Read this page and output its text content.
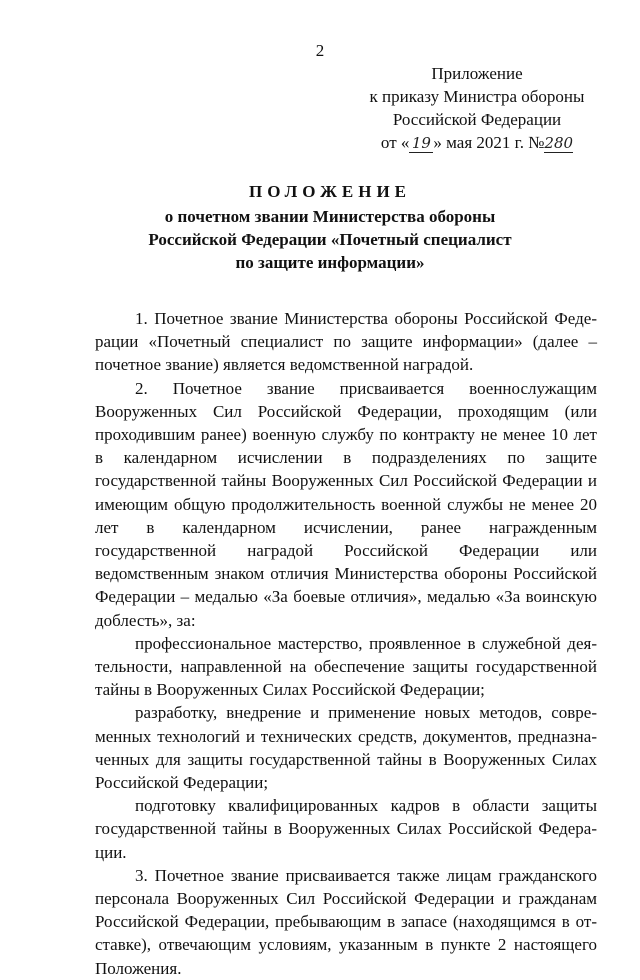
2
Приложение
к приказу Министра обороны
Российской Федерации
от « 19 » мая 2021 г. №280
ПОЛОЖЕНИЕ
о почетном звании Министерства обороны
Российской Федерации «Почетный специалист
по защите информации»

1. Почетное звание Министерства обороны Российской Федерации «Почетный специалист по защите информации» (далее – почетное звание) является ведомственной наградой.

2. Почетное звание присваивается военнослужащим Вооруженных Сил Российской Федерации, проходящим (или проходившим ранее) военную службу по контракту не менее 10 лет в календарном исчислении в подразделениях по защите государственной тайны Вооруженных Сил Российской Федерации и имеющим общую продолжительность военной службы не менее 20 лет в календарном исчислении, ранее награжденным государственной наградой Российской Федерации или ведомственным знаком отличия Министерства обороны Российской Федерации – медалью «За боевые отличия», медалью «За воинскую доблесть», за:

профессиональное мастерство, проявленное в служебной деятельности, направленной на обеспечение защиты государственной тайны в Вооруженных Силах Российской Федерации;

разработку, внедрение и применение новых методов, современных технологий и технических средств, документов, предназначенных для защиты государственной тайны в Вооруженных Силах Российской Федерации;

подготовку квалифицированных кадров в области защиты государственной тайны в Вооруженных Силах Российской Федерации.

3. Почетное звание присваивается также лицам гражданского персонала Вооруженных Сил Российской Федерации и гражданам Российской Федерации, пребывающим в запасе (находящимся в отставке), отвечающим условиям, указанным в пункте 2 настоящего Положения.
